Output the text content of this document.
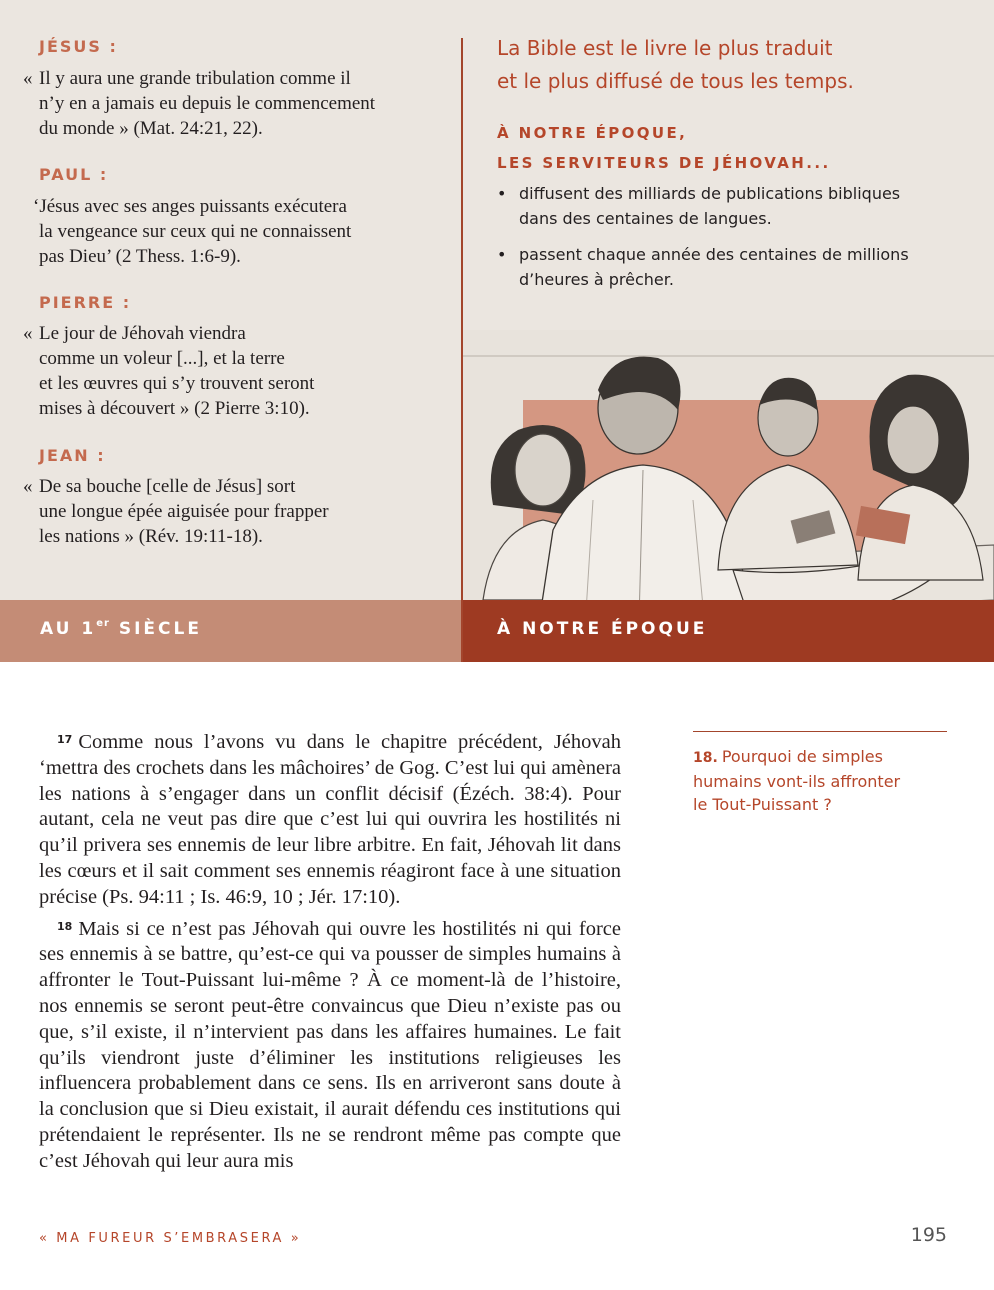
JÉSUS :
« Il y aura une grande tribulation comme il
n’y en a jamais eu depuis le commencement
du monde » (Mat. 24:21, 22).
PAUL :
‘Jésus avec ses anges puissants exécutera
la vengeance sur ceux qui ne connaissent
pas Dieu’ (2 Thess. 1:6-9).
PIERRE :
« Le jour de Jéhovah viendra
comme un voleur [...], et la terre
et les œuvres qui s’y trouvent seront
mises à découvert » (2 Pierre 3:10).
JEAN :
« De sa bouche [celle de Jésus] sort
une longue épée aiguisée pour frapper
les nations » (Rév. 19:11-18).
La Bible est le livre le plus traduit
et le plus diffusé de tous les temps.
À NOTRE ÉPOQUE,
LES SERVITEURS DE JÉHOVAH...
• diffusent des milliards de publications bibliques
dans des centaines de langues.
• passent chaque année des centaines de millions
d’heures à prêcher.
AU 1er SIÈCLE	À NOTRE ÉPOQUE

$^{17}$ Comme nous l’avons vu dans le chapitre précédent, Jéhovah ‘mettra des crochets dans les mâchoires’ de Gog. C’est lui qui amènera les nations à s’engager dans un conflit décisif (Ézéch. 38:4). Pour autant, cela ne veut pas dire que c’est lui qui ouvrira les hostilités ni qu’il privera ses ennemis de leur libre arbitre. En fait, Jéhovah lit dans les cœurs et il sait comment ses ennemis réagiront face à une situation précise (Ps. 94:11 ; Is. 46:9, 10 ; Jér. 17:10).

$^{18}$ Mais si ce n’est pas Jéhovah qui ouvre les hostilités ni qui force ses ennemis à se battre, qu’est-ce qui va pousser de simples humains à affronter le Tout-Puissant lui-même ? À ce moment-là de l’histoire, nos ennemis se seront peut-être convaincus que Dieu n’existe pas ou que, s’il existe, il n’intervient pas dans les affaires humaines. Le fait qu’ils viendront juste d’éliminer les institutions religieuses les influencera probablement dans ce sens. Ils en arriveront sans doute à la conclusion que si Dieu existait, il aurait défendu ces institutions qui prétendaient le représenter. Ils ne se rendront même pas compte que c’est Jéhovah qui leur aura mis

18. Pourquoi de simples
humains vont-ils affronter
le Tout-Puissant ?
« MA FUREUR S’EMBRASERA »	195
